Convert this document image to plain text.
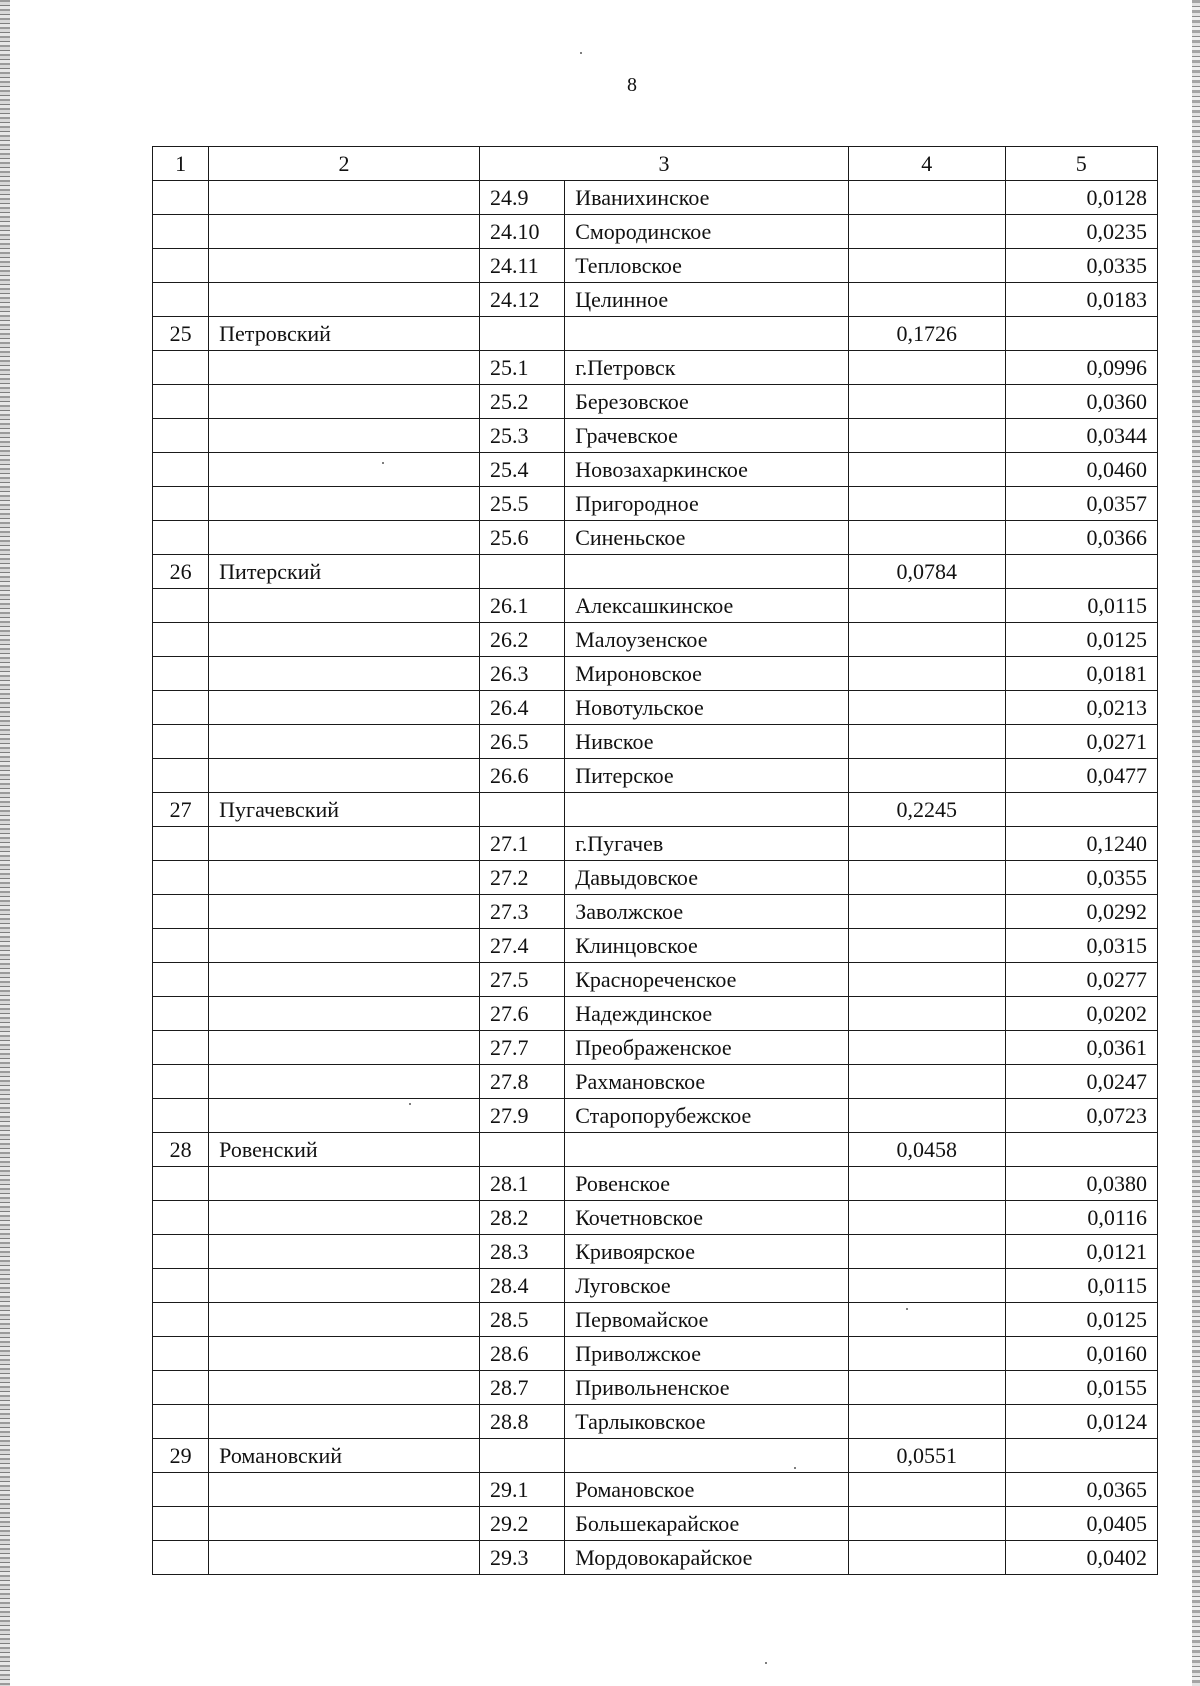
8
1	2	3		4	5
		24.9	Иванихинское		0,0128
		24.10	Смородинское		0,0235
		24.11	Тепловское		0,0335
		24.12	Целинное		0,0183
25	Петровский			0,1726	
		25.1	г.Петровск		0,0996
		25.2	Березовское		0,0360
		25.3	Грачевское		0,0344
		25.4	Новозахаркинское		0,0460
		25.5	Пригородное		0,0357
		25.6	Синеньское		0,0366
26	Питерский			0,0784	
		26.1	Алексашкинское		0,0115
		26.2	Малоузенское		0,0125
		26.3	Мироновское		0,0181
		26.4	Новотульское		0,0213
		26.5	Нивское		0,0271
		26.6	Питерское		0,0477
27	Пугачевский			0,2245	
		27.1	г.Пугачев		0,1240
		27.2	Давыдовское		0,0355
		27.3	Заволжское		0,0292
		27.4	Клинцовское		0,0315
		27.5	Краснореченское		0,0277
		27.6	Надеждинское		0,0202
		27.7	Преображенское		0,0361
		27.8	Рахмановское		0,0247
		27.9	Старопорубежское		0,0723
28	Ровенский			0,0458	
		28.1	Ровенское		0,0380
		28.2	Кочетновское		0,0116
		28.3	Кривоярское		0,0121
		28.4	Луговское		0,0115
		28.5	Первомайское		0,0125
		28.6	Приволжское		0,0160
		28.7	Привольненское		0,0155
		28.8	Тарлыковское		0,0124
29	Романовский			0,0551	
		29.1	Романовское		0,0365
		29.2	Большекарайское		0,0405
		29.3	Мордовокарайское		0,0402
